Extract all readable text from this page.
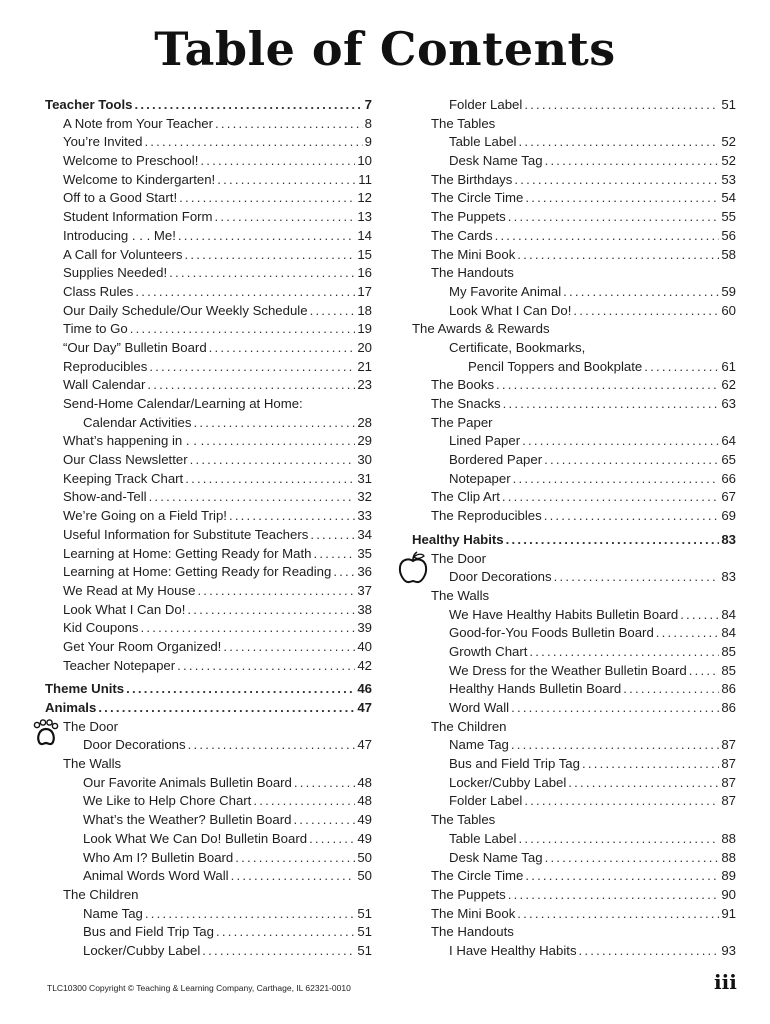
Table of Contents
Teacher Tools .....	7
A Note from Your Teacher .....	8
You’re Invited .....	9
Welcome to Preschool! .....	10
Welcome to Kindergarten! .....	11
Off to a Good Start! .....	12
Student Information Form .....	13
Introducing . . . Me! .....	14
A Call for Volunteers .....	15
Supplies Needed! .....	16
Class Rules .....	17
Our Daily Schedule/Our Weekly Schedule .....	18
Time to Go .....	19
“Our Day” Bulletin Board .....	20
Reproducibles .....	21
Wall Calendar .....	23
Send-Home Calendar/Learning at Home:
Calendar Activities .....	28
What’s happening in . . . .....	29
Our Class Newsletter .....	30
Keeping Track Chart .....	31
Show-and-Tell .....	32
We’re Going on a Field Trip! .....	33
Useful Information for Substitute Teachers .....	34
Learning at Home: Getting Ready for Math .....	35
Learning at Home: Getting Ready for Reading ..... 36
We Read at My House .....	37
Look What I Can Do! .....	38
Kid Coupons .....	39
Get Your Room Organized! .....	40
Teacher Notepaper .....	42
Theme Units .....	46
Animals .....	47
The Door
Door Decorations .....	47
The Walls
Our Favorite Animals Bulletin Board .....	48
We Like to Help Chore Chart .....	48
What’s the Weather? Bulletin Board .....	49
Look What We Can Do! Bulletin Board .....	49
Who Am I? Bulletin Board .....	50
Animal Words Word Wall .....	50
The Children
Name Tag .....	51
Bus and Field Trip Tag .....	51
Locker/Cubby Label .....	51
Folder Label .....	51
The Tables
Table Label .....	52
Desk Name Tag .....	52
The Birthdays .....	53
The Circle Time .....	54
The Puppets .....	55
The Cards .....	56
The Mini Book .....	58
The Handouts
My Favorite Animal .....	59
Look What I Can Do! .....	60
The Awards & Rewards
Certificate, Bookmarks,
Pencil Toppers and Bookplate .....	61
The Books .....	62
The Snacks .....	63
The Paper
Lined Paper .....	64
Bordered Paper .....	65
Notepaper .....	66
The Clip Art .....	67
The Reproducibles .....	69
Healthy Habits .....	83
The Door
Door Decorations .....	83
The Walls
We Have Healthy Habits Bulletin Board .....	84
Good-for-You Foods Bulletin Board .....	84
Growth Chart .....	85
We Dress for the Weather Bulletin Board .....	85
Healthy Hands Bulletin Board .....	86
Word Wall .....	86
The Children
Name Tag .....	87
Bus and Field Trip Tag .....	87
Locker/Cubby Label .....	87
Folder Label .....	87
The Tables
Table Label .....	88
Desk Name Tag .....	88
The Circle Time .....	89
The Puppets .....	90
The Mini Book .....	91
The Handouts
I Have Healthy Habits .....	93
TLC10300 Copyright © Teaching & Learning Company, Carthage, IL 62321-0010	iii
